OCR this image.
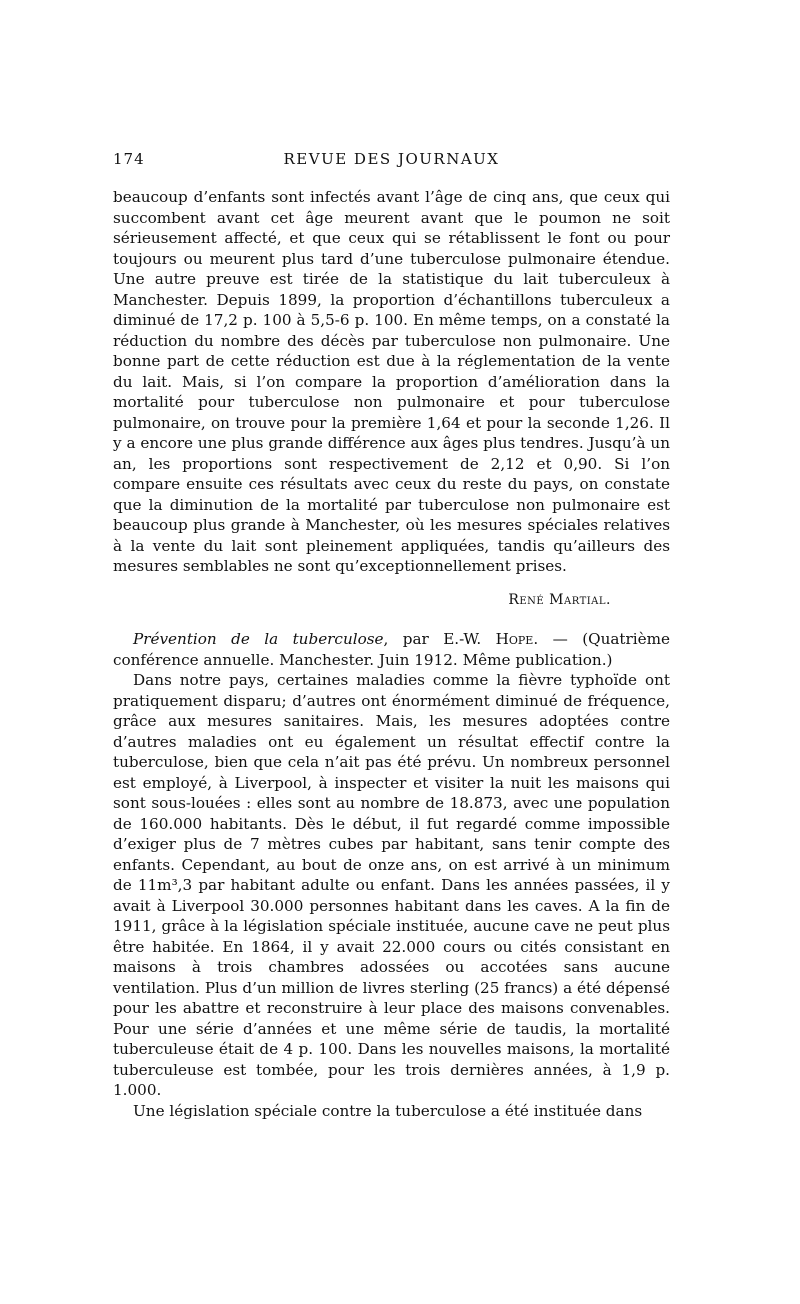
174	REVUE DES JOURNAUX

beaucoup d’enfants sont infectés avant l’âge de cinq ans, que ceux qui succombent avant cet âge meurent avant que le poumon ne soit sérieusement affecté, et que ceux qui se rétablissent le font ou pour toujours ou meurent plus tard d’une tuberculose pulmonaire étendue. Une autre preuve est tirée de la statistique du lait tuberculeux à Manchester. Depuis 1899, la proportion d’échantillons tuberculeux a diminué de 17,2 p. 100 à 5,5-6 p. 100. En même temps, on a constaté la réduction du nombre des décès par tuberculose non pulmonaire. Une bonne part de cette réduction est due à la réglementation de la vente du lait. Mais, si l’on compare la proportion d’amélioration dans la mortalité pour tuberculose non pulmonaire et pour tuberculose pulmonaire, on trouve pour la première 1,64 et pour la seconde 1,26. Il y a encore une plus grande différence aux âges plus tendres. Jusqu’à un an, les proportions sont respectivement de 2,12 et 0,90. Si l’on compare ensuite ces résultats avec ceux du reste du pays, on constate que la diminution de la mortalité par tuberculose non pulmonaire est beaucoup plus grande à Manchester, où les mesures spéciales relatives à la vente du lait sont pleinement appliquées, tandis qu’ailleurs des mesures semblables ne sont qu’exceptionnellement prises.

René Martial.

Prévention de la tuberculose, par E.-W. Hope. — (Quatrième conférence annuelle. Manchester. Juin 1912. Même publication.)

Dans notre pays, certaines maladies comme la fièvre typhoïde ont pratiquement disparu; d’autres ont énormément diminué de fréquence, grâce aux mesures sanitaires. Mais, les mesures adoptées contre d’autres maladies ont eu également un résultat effectif contre la tuberculose, bien que cela n’ait pas été prévu. Un nombreux personnel est employé, à Liverpool, à inspecter et visiter la nuit les maisons qui sont sous-louées : elles sont au nombre de 18.873, avec une population de 160.000 habitants. Dès le début, il fut regardé comme impossible d’exiger plus de 7 mètres cubes par habitant, sans tenir compte des enfants. Cependant, au bout de onze ans, on est arrivé à un minimum de 11m³,3 par habitant adulte ou enfant. Dans les années passées, il y avait à Liverpool 30.000 personnes habitant dans les caves. A la fin de 1911, grâce à la législation spéciale instituée, aucune cave ne peut plus être habitée. En 1864, il y avait 22.000 cours ou cités consistant en maisons à trois chambres adossées ou accotées sans aucune ventilation. Plus d’un million de livres sterling (25 francs) a été dépensé pour les abattre et reconstruire à leur place des maisons convenables. Pour une série d’années et une même série de taudis, la mortalité tuberculeuse était de 4 p. 100. Dans les nouvelles maisons, la mortalité tuberculeuse est tombée, pour les trois dernières années, à 1,9 p. 1.000.

Une législation spéciale contre la tuberculose a été instituée dans
